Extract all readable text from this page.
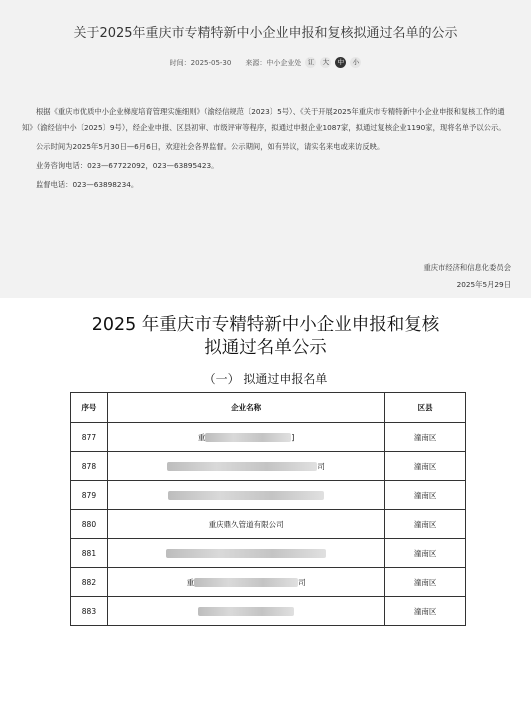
关于2025年重庆市专精特新中小企业申报和复核拟通过名单的公示
时间：2025-05-30 来源：中小企业处 讧	大	中	小

根据《重庆市优质中小企业梯度培育管理实施细则》（渝经信规范〔2023〕5号）、《关于开展2025年重庆市专精特新中小企业申报和复核工作的通知》（渝经信中小〔2025〕9号），经企业申报、区县初审、市级评审等程序，拟通过申报企业1087家，拟通过复核企业1190家，现将名单予以公示。

公示时间为2025年5月30日—6月6日，欢迎社会各界监督。公示期间，如有异议，请实名来电或来访反映。

业务咨询电话：023—67722092，023—63895423。

监督电话：023—63898234。

重庆市经济和信息化委员会
2025年5月29日
2025 年重庆市专精特新中小企业申报和复核
拟通过名单公示
（一） 拟通过申报名单
序号	企业名称	区县
877	重 ]	潼南区
878	司	潼南区
879		潼南区
880	重庆鼎久管道有限公司	潼南区
881		潼南区
882	重 司	潼南区
883		潼南区
